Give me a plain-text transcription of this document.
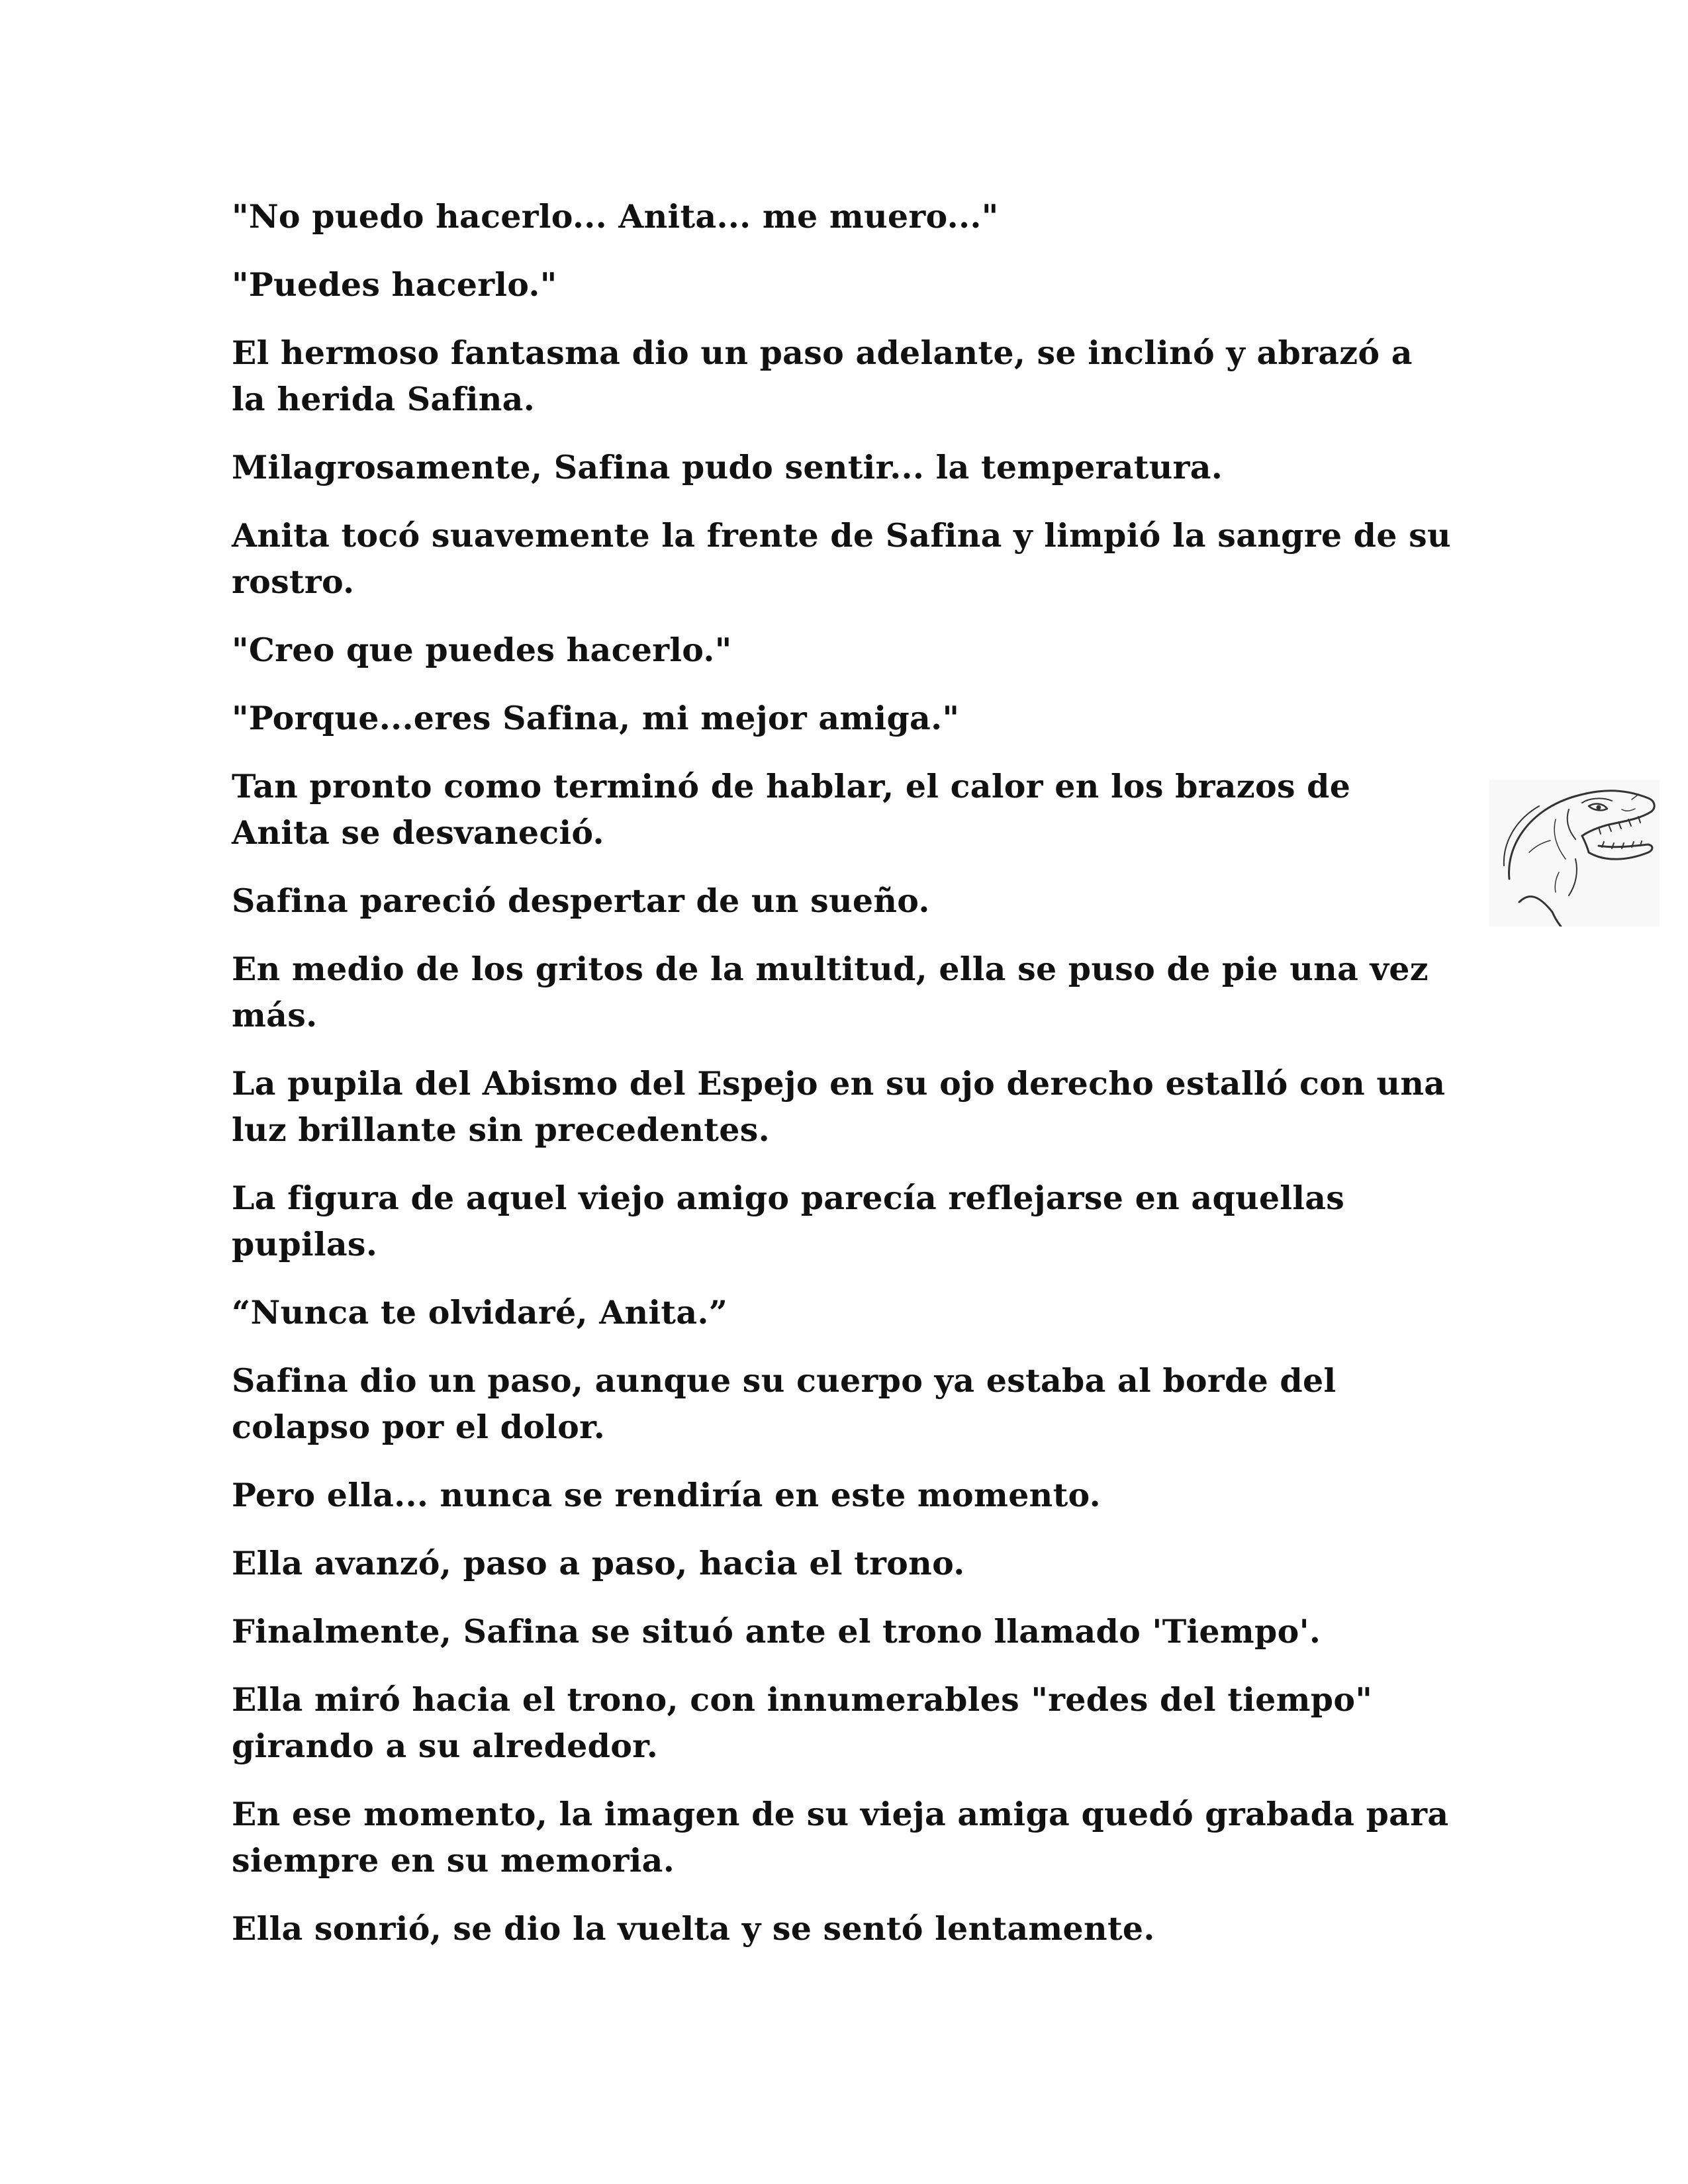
"No puedo hacerlo... Anita... me muero..."

"Puedes hacerlo."

El hermoso fantasma dio un paso adelante, se inclinó y abrazó a la herida Safina.

Milagrosamente, Safina pudo sentir... la temperatura.

Anita tocó suavemente la frente de Safina y limpió la sangre de su rostro.

"Creo que puedes hacerlo."

"Porque...eres Safina, mi mejor amiga."

Tan pronto como terminó de hablar, el calor en los brazos de Anita se desvaneció.

Safina pareció despertar de un sueño.

En medio de los gritos de la multitud, ella se puso de pie una vez más.

La pupila del Abismo del Espejo en su ojo derecho estalló con una luz brillante sin precedentes.

La figura de aquel viejo amigo parecía reflejarse en aquellas pupilas.

“Nunca te olvidaré, Anita.”

Safina dio un paso, aunque su cuerpo ya estaba al borde del colapso por el dolor.

Pero ella... nunca se rendiría en este momento.

Ella avanzó, paso a paso, hacia el trono.

Finalmente, Safina se situó ante el trono llamado 'Tiempo'.

Ella miró hacia el trono, con innumerables "redes del tiempo" girando a su alrededor.

En ese momento, la imagen de su vieja amiga quedó grabada para siempre en su memoria.

Ella sonrió, se dio la vuelta y se sentó lentamente.
